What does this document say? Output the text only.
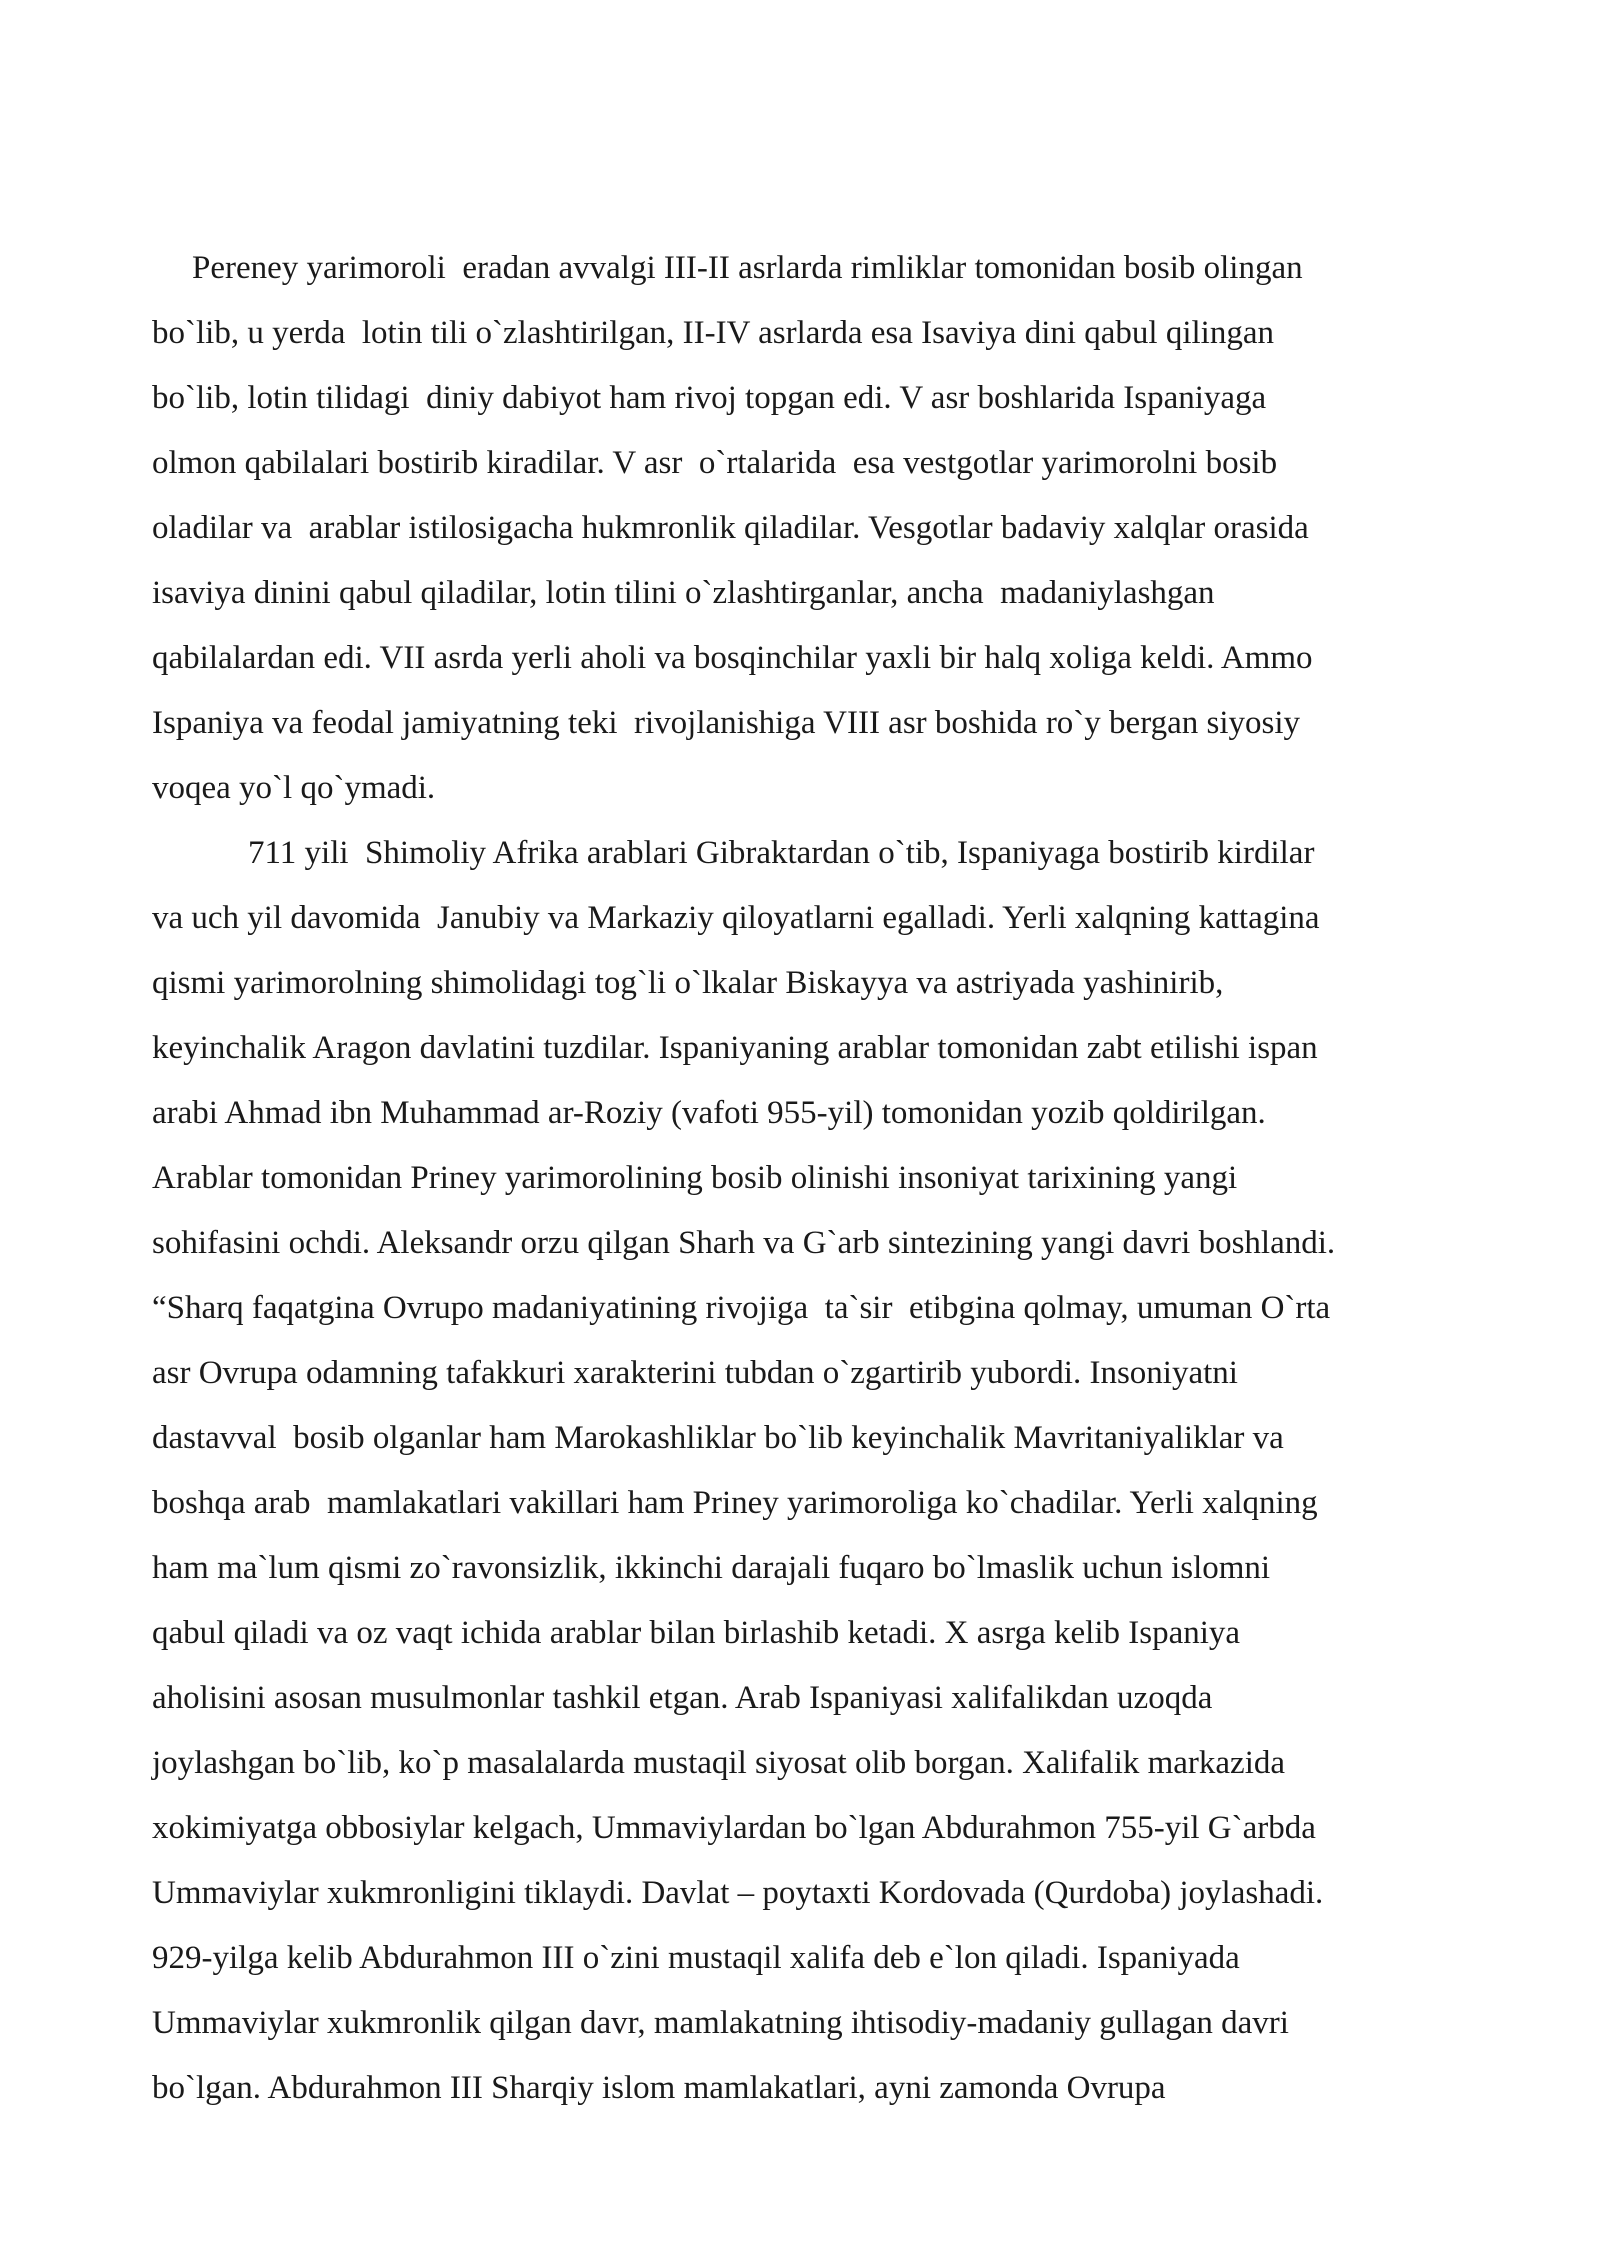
Pereney yarimoroli  eradan avvalgi III-II asrlarda rimliklar tomonidan bosib olingan
bo`lib, u yerda  lotin tili o`zlashtirilgan, II-IV asrlarda esa Isaviya dini qabul qilingan
bo`lib, lotin tilidagi  diniy dabiyot ham rivoj topgan edi. V asr boshlarida Ispaniyaga
olmon qabilalari bostirib kiradilar. V asr  o`rtalarida  esa vestgotlar yarimorolni bosib
oladilar va  arablar istilosigacha hukmronlik qiladilar. Vesgotlar badaviy xalqlar orasida
isaviya dinini qabul qiladilar, lotin tilini o`zlashtirganlar, ancha  madaniylashgan
qabilalardan edi. VII asrda yerli aholi va bosqinchilar yaxli bir halq xoliga keldi. Ammo
Ispaniya va feodal jamiyatning teki  rivojlanishiga VIII asr boshida ro`y bergan siyosiy
voqea yo`l qo`ymadi.
711 yili  Shimoliy Afrika arablari Gibraktardan o`tib, Ispaniyaga bostirib kirdilar
va uch yil davomida  Janubiy va Markaziy qiloyatlarni egalladi. Yerli xalqning kattagina
qismi yarimorolning shimolidagi tog`li o`lkalar Biskayya va astriyada yashinirib,
keyinchalik Aragon davlatini tuzdilar. Ispaniyaning arablar tomonidan zabt etilishi ispan
arabi Ahmad ibn Muhammad ar-Roziy (vafoti 955-yil) tomonidan yozib qoldirilgan.
Arablar tomonidan Priney yarimorolining bosib olinishi insoniyat tarixining yangi
sohifasini ochdi. Aleksandr orzu qilgan Sharh va G`arb sintezining yangi davri boshlandi.
“Sharq faqatgina Ovrupo madaniyatining rivojiga  ta`sir  etibgina qolmay, umuman O`rta
asr Ovrupa odamning tafakkuri xarakterini tubdan o`zgartirib yubordi. Insoniyatni
dastavval  bosib olganlar ham Marokashliklar bo`lib keyinchalik Mavritaniyaliklar va
boshqa arab  mamlakatlari vakillari ham Priney yarimoroliga ko`chadilar. Yerli xalqning
ham ma`lum qismi zo`ravonsizlik, ikkinchi darajali fuqaro bo`lmaslik uchun islomni
qabul qiladi va oz vaqt ichida arablar bilan birlashib ketadi. X asrga kelib Ispaniya
aholisini asosan musulmonlar tashkil etgan. Arab Ispaniyasi xalifalikdan uzoqda
joylashgan bo`lib, ko`p masalalarda mustaqil siyosat olib borgan. Xalifalik markazida
xokimiyatga obbosiylar kelgach, Ummaviylardan bo`lgan Abdurahmon 755-yil G`arbda
Ummaviylar xukmronligini tiklaydi. Davlat – poytaxti Kordovada (Qurdoba) joylashadi.
929-yilga kelib Abdurahmon III o`zini mustaqil xalifa deb e`lon qiladi. Ispaniyada
Ummaviylar xukmronlik qilgan davr, mamlakatning ihtisodiy-madaniy gullagan davri
bo`lgan. Abdurahmon III Sharqiy islom mamlakatlari, ayni zamonda Ovrupa
